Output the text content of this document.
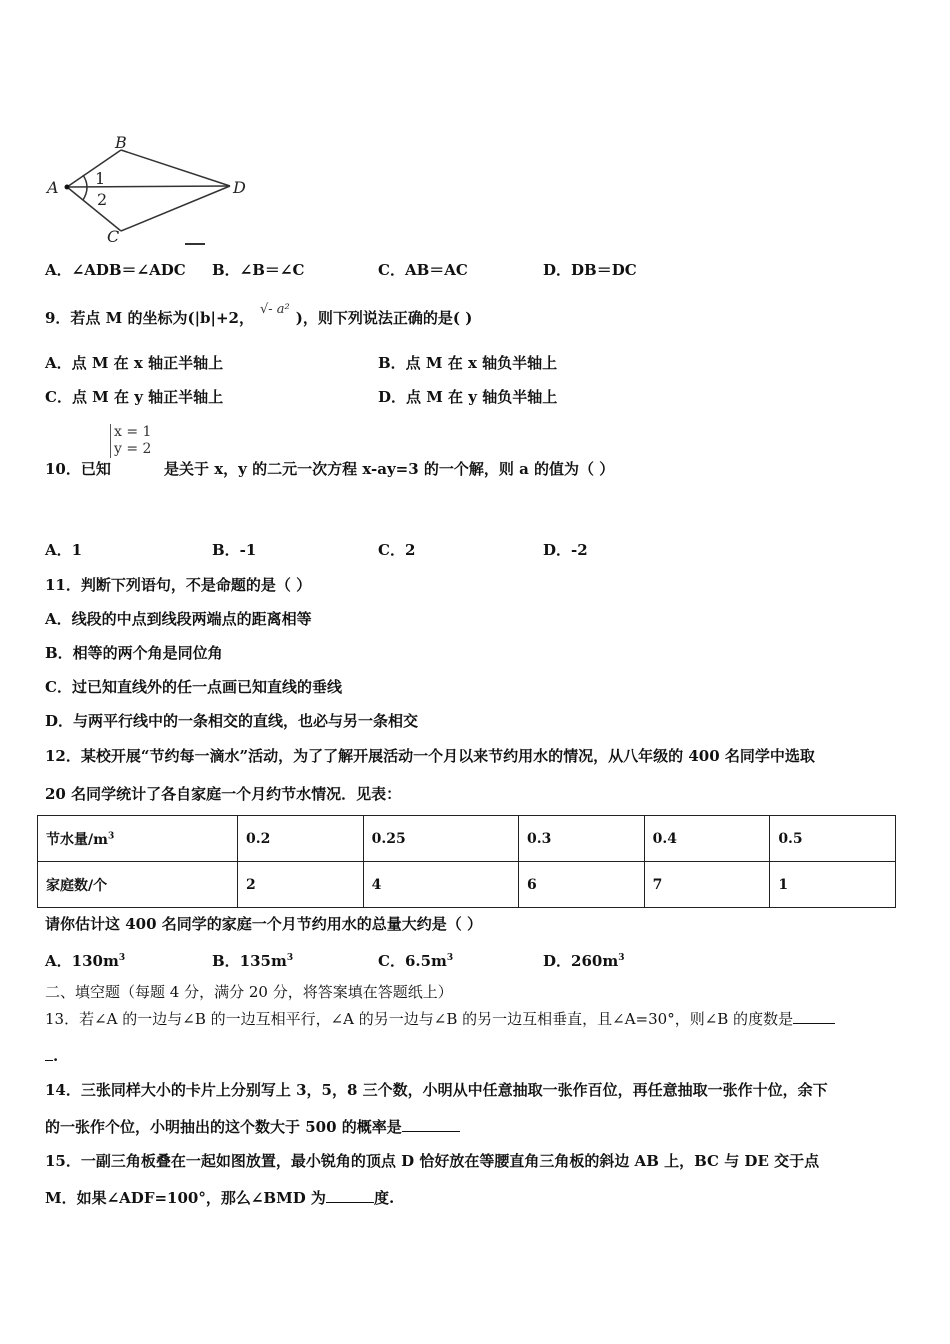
A
B
C
D
1
2
A．∠ADB＝∠ADC B．∠B＝∠C	C．AB＝AC	D．DB＝DC
9．若点 M 的坐标为(|b|+2， √- a² )，则下列说法正确的是( )
A．点 M 在 x 轴正半轴上	B．点 M 在 x 轴负半轴上
C．点 M 在 y 轴正半轴上	D．点 M 在 y 轴负半轴上
x = 1
y = 2
10．已知	是关于 x，y 的二元一次方程 x-ay=3 的一个解，则 a 的值为（ ）
A．1	B．-1	C．2	D．-2
11．判断下列语句，不是命题的是（ ）
A．线段的中点到线段两端点的距离相等
B．相等的两个角是同位角
C．过已知直线外的任一点画已知直线的垂线
D．与两平行线中的一条相交的直线，也必与另一条相交
12．某校开展“节约每一滴水”活动，为了了解开展活动一个月以来节约用水的情况，从八年级的 400 名同学中选取
20 名同学统计了各自家庭一个月约节水情况．见表：
节水量$/m^3$	0.2	0.25	0.3	0.4	0.5
家庭数/个	2	4	6	7	1
请你估计这 400 名同学的家庭一个月节约用水的总量大约是（ ）
A．$130m^3$	B．$135m^3$	C．$6.5m^3$	D．$260m^3$
二、填空题（每题 4 分，满分 20 分，将答案填在答题纸上）
13．若∠A 的一边与∠B 的一边互相平行，∠A 的另一边与∠B 的另一边互相垂直，且∠A=30°，则∠B 的度数是
.
14．三张同样大小的卡片上分别写上 3，5，8 三个数，小明从中任意抽取一张作百位，再任意抽取一张作十位，余下
的一张作个位，小明抽出的这个数大于 500 的概率是
15．一副三角板叠在一起如图放置，最小锐角的顶点 D 恰好放在等腰直角三角板的斜边 AB 上，BC 与 DE 交于点
M．如果∠ADF=100°，那么∠BMD 为	度.
